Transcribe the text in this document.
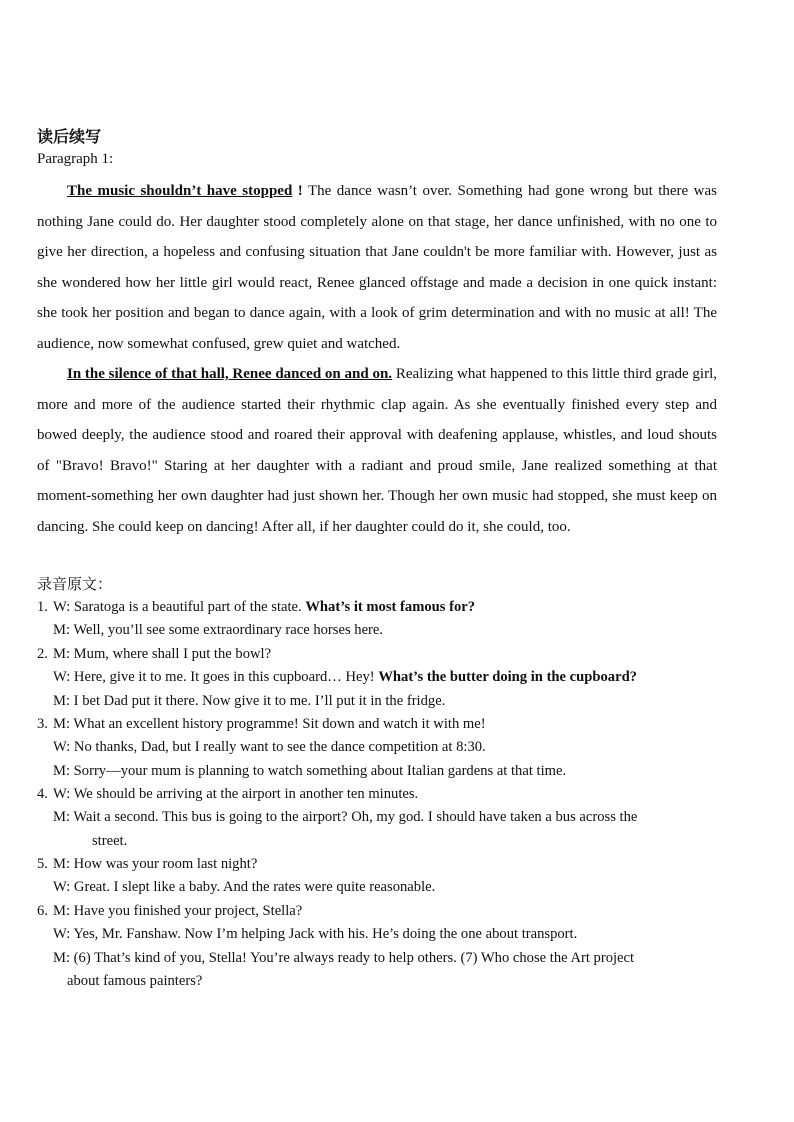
读后续写
Paragraph 1:

The music shouldn’t have stopped ! The dance wasn’t over. Something had gone wrong but there was nothing Jane could do. Her daughter stood completely alone on that stage, her dance unfinished, with no one to give her direction, a hopeless and confusing situation that Jane couldn't be more familiar with. However, just as she wondered how her little girl would react, Renee glanced offstage and made a decision in one quick instant: she took her position and began to dance again, with a look of grim determination and with no music at all! The audience, now somewhat confused, grew quiet and watched.

In the silence of that hall, Renee danced on and on. Realizing what happened to this little third grade girl, more and more of the audience started their rhythmic clap again. As she eventually finished every step and bowed deeply, the audience stood and roared their approval with deafening applause, whistles, and loud shouts of "Bravo! Bravo!" Staring at her daughter with a radiant and proud smile, Jane realized something at that moment-something her own daughter had just shown her. Though her own music had stopped, she must keep on dancing. She could keep on dancing! After all, if her daughter could do it, she could, too.

录音原文：
1. W: Saratoga is a beautiful part of the state. What’s it most famous for?
M: Well, you’ll see some extraordinary race horses here.
2. M: Mum, where shall I put the bowl?
W: Here, give it to me. It goes in this cupboard… Hey! What’s the butter doing in the cupboard?
M: I bet Dad put it there. Now give it to me. I’ll put it in the fridge.
3. M: What an excellent history programme! Sit down and watch it with me!
W: No thanks, Dad, but I really want to see the dance competition at 8:30.
M: Sorry—your mum is planning to watch something about Italian gardens at that time.
4. W: We should be arriving at the airport in another ten minutes.
M: Wait a second. This bus is going to the airport? Oh, my god. I should have taken a bus across the
street.
5. M: How was your room last night?
W: Great. I slept like a baby. And the rates were quite reasonable.
6. M: Have you finished your project, Stella?
W: Yes, Mr. Fanshaw. Now I’m helping Jack with his. He’s doing the one about transport.
M: (6) That’s kind of you, Stella! You’re always ready to help others. (7) Who chose the Art project
about famous painters?
